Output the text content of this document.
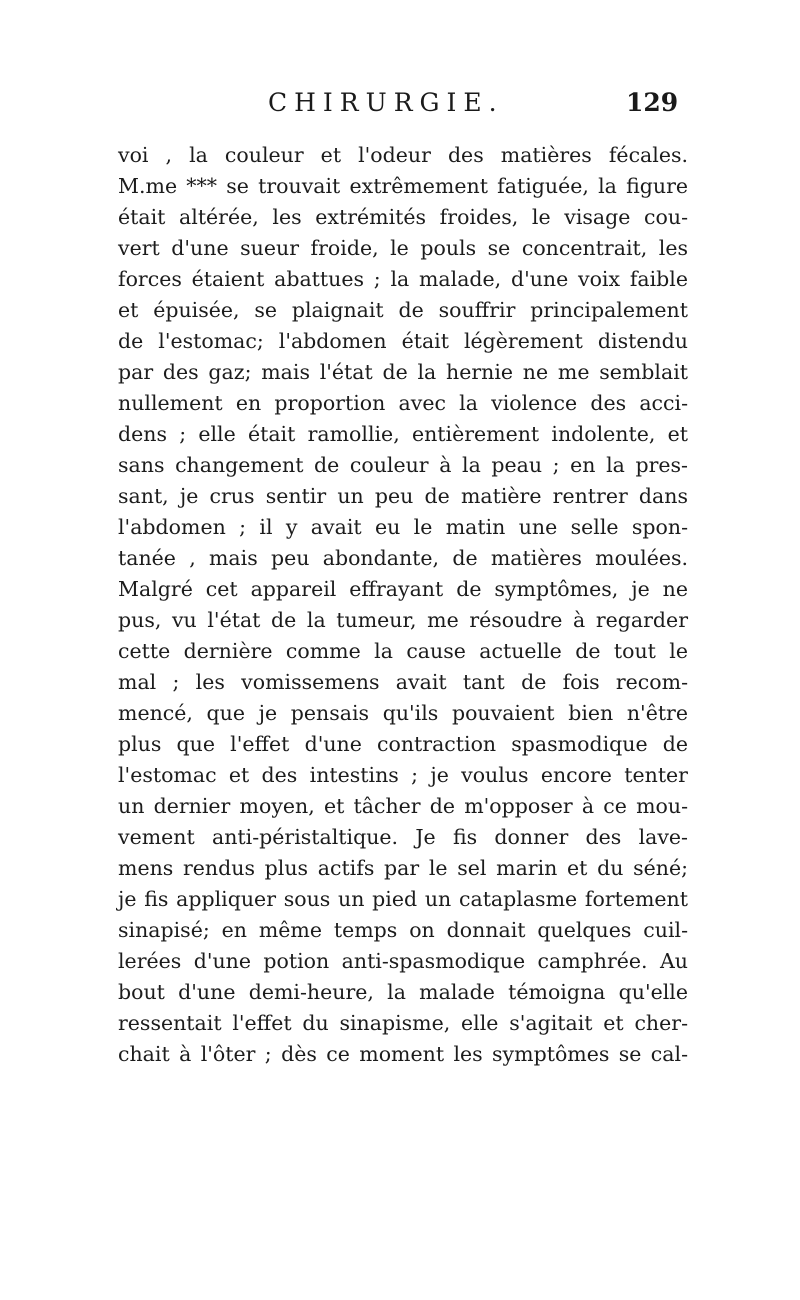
CHIRURGIE.	129
voi , la couleur et l'odeur des matières fécales.
M.me *** se trouvait extrêmement fatiguée, la figure
était altérée, les extrémités froides, le visage cou-
vert d'une sueur froide, le pouls se concentrait, les
forces étaient abattues ; la malade, d'une voix faible
et épuisée, se plaignait de souffrir principalement
de l'estomac; l'abdomen était légèrement distendu
par des gaz; mais l'état de la hernie ne me semblait
nullement en proportion avec la violence des acci-
dens ; elle était ramollie, entièrement indolente, et
sans changement de couleur à la peau ; en la pres-
sant, je crus sentir un peu de matière rentrer dans
l'abdomen ; il y avait eu le matin une selle spon-
tanée , mais peu abondante, de matières moulées.
Malgré cet appareil effrayant de symptômes, je ne
pus, vu l'état de la tumeur, me résoudre à regarder
cette dernière comme la cause actuelle de tout le
mal ; les vomissemens avait tant de fois recom-
mencé, que je pensais qu'ils pouvaient bien n'être
plus que l'effet d'une contraction spasmodique de
l'estomac et des intestins ; je voulus encore tenter
un dernier moyen, et tâcher de m'opposer à ce mou-
vement anti-péristaltique. Je fis donner des lave-
mens rendus plus actifs par le sel marin et du séné;
je fis appliquer sous un pied un cataplasme fortement
sinapisé; en même temps on donnait quelques cuil-
lerées d'une potion anti-spasmodique camphrée. Au
bout d'une demi-heure, la malade témoigna qu'elle
ressentait l'effet du sinapisme, elle s'agitait et cher-
chait à l'ôter ; dès ce moment les symptômes se cal-
